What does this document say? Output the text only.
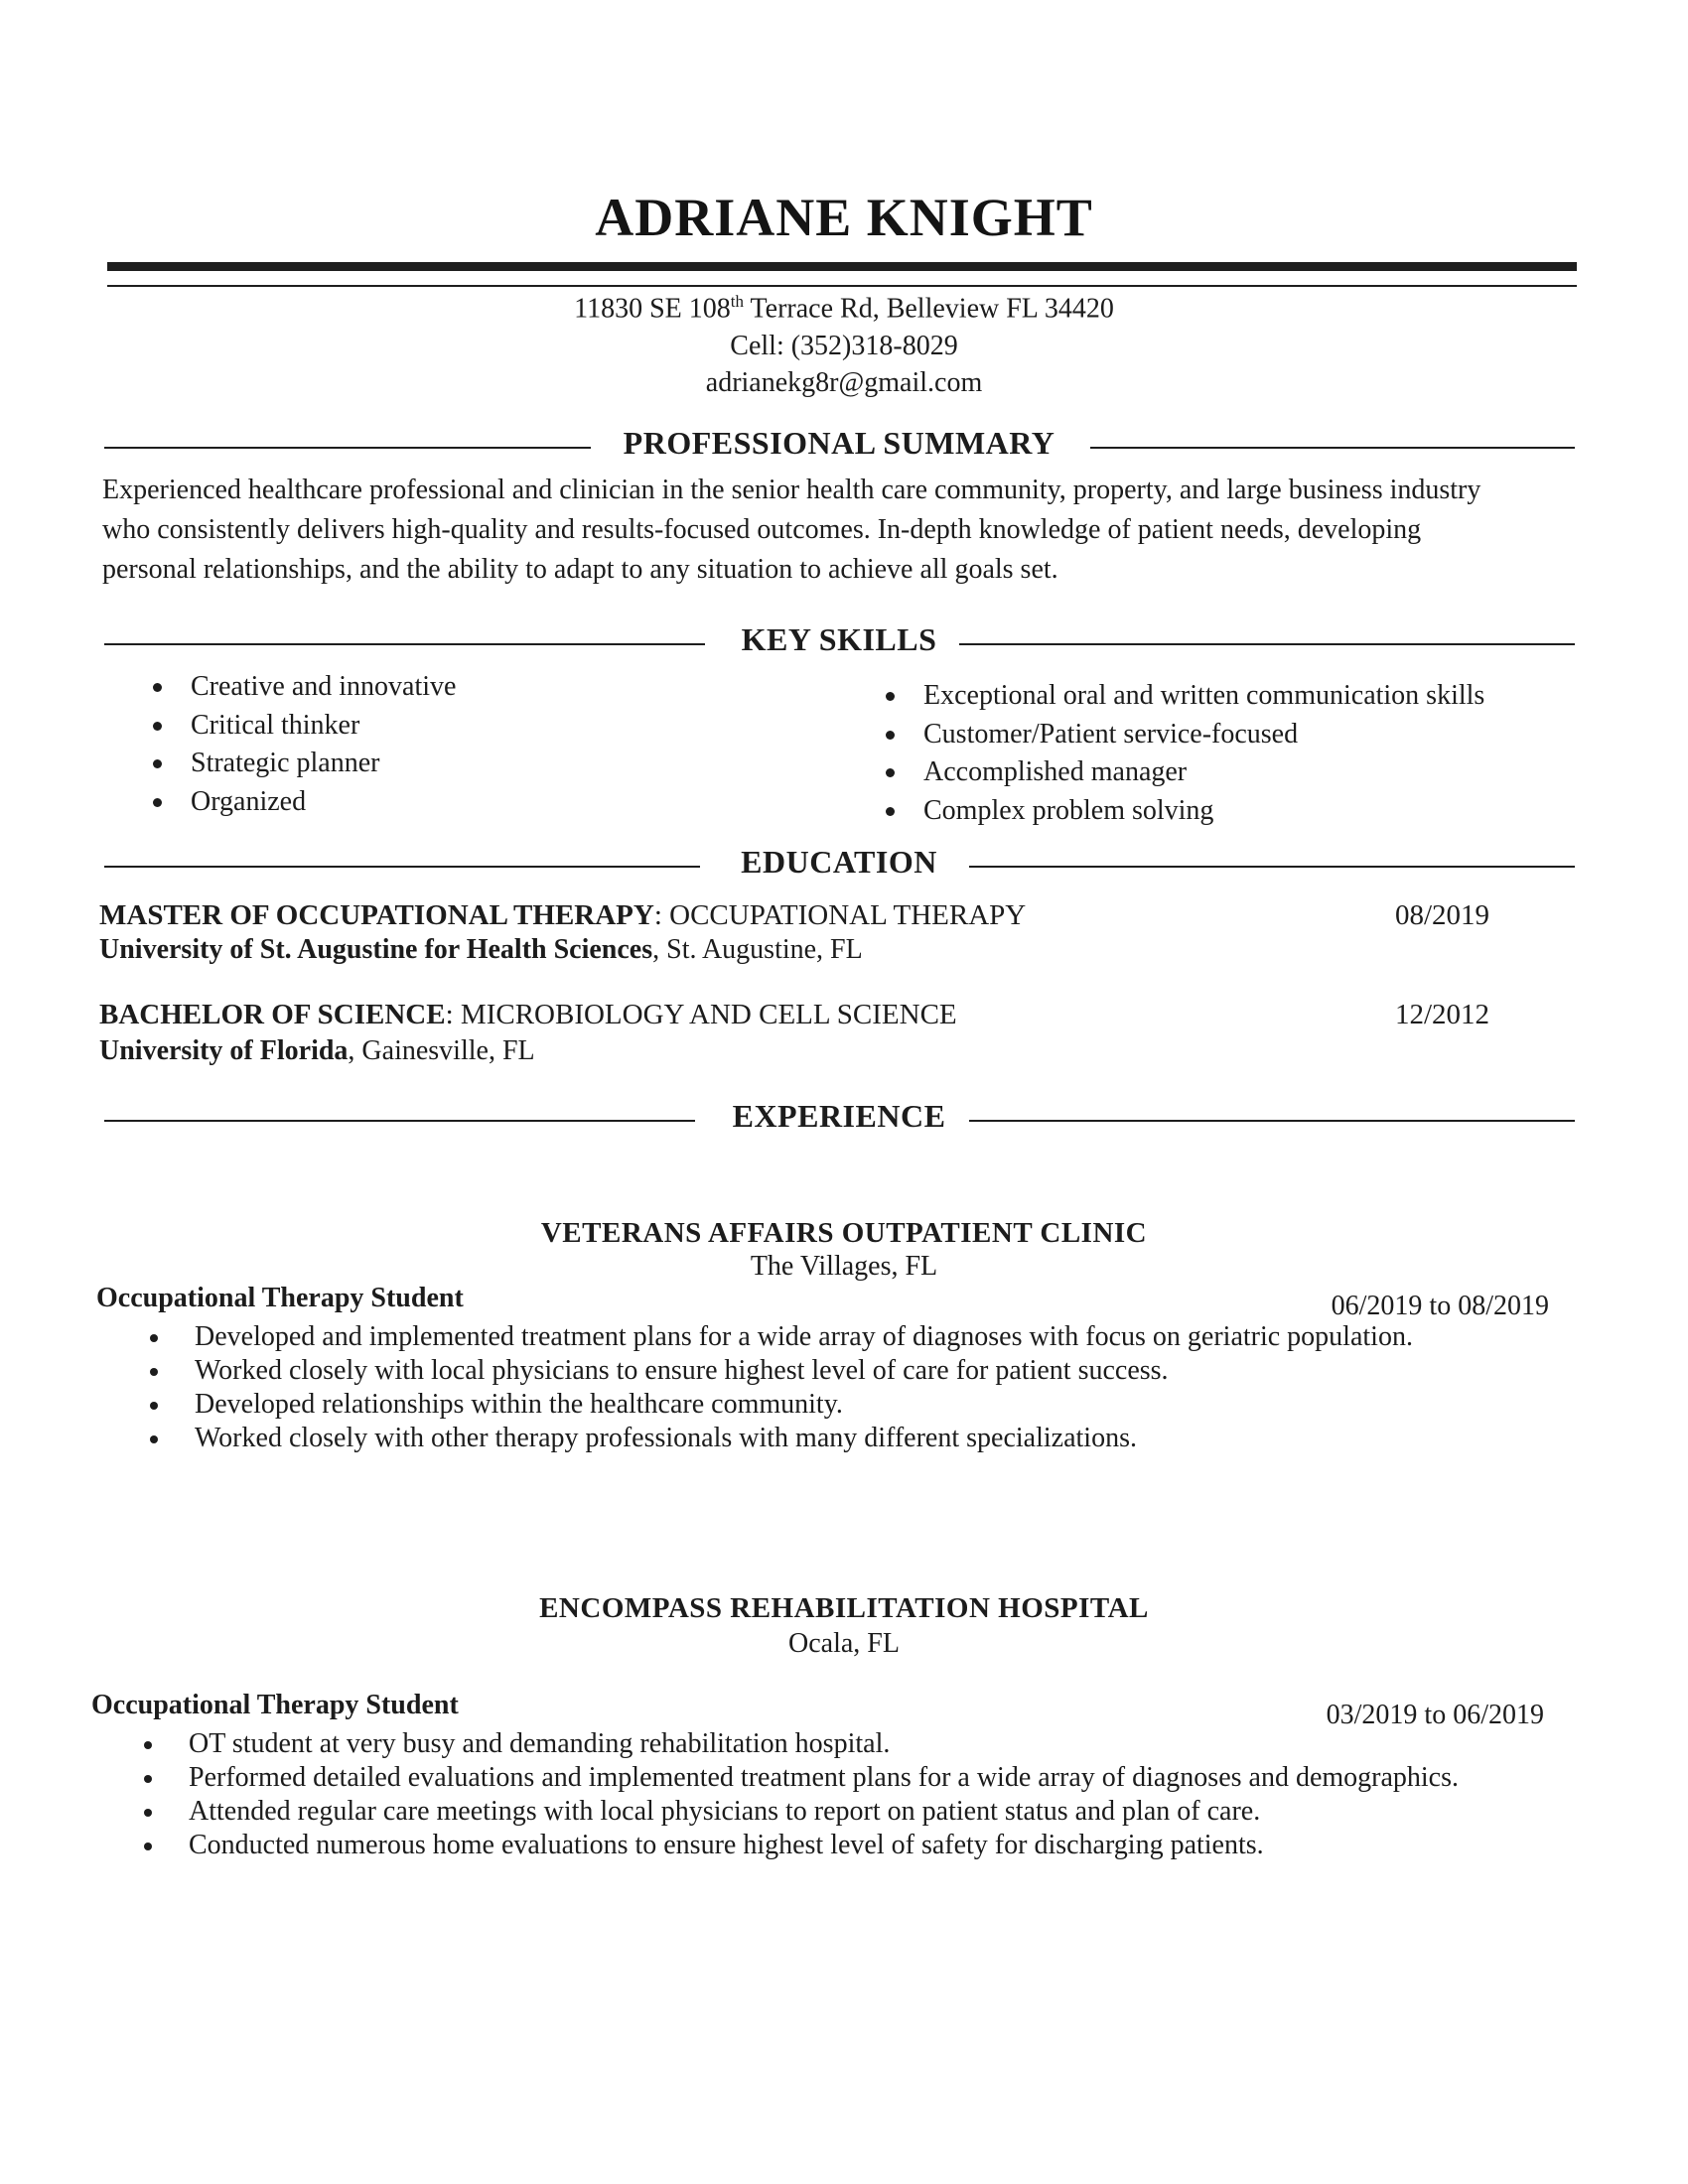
ADRIANE KNIGHT
11830 SE 108th Terrace Rd, Belleview FL 34420
Cell: (352)318-8029
adrianekg8r@gmail.com
PROFESSIONAL SUMMARY

Experienced healthcare professional and clinician in the senior health care community, property, and large business industry

who consistently delivers high-quality and results-focused outcomes. In-depth knowledge of patient needs, developing

personal relationships, and the ability to adapt to any situation to achieve all goals set.

KEY SKILLS
Creative and innovative
Critical thinker
Strategic planner
Organized
Exceptional oral and written communication skills
Customer/Patient service-focused
Accomplished manager
Complex problem solving
EDUCATION
MASTER OF OCCUPATIONAL THERAPY: OCCUPATIONAL THERAPY	08/2019
University of St. Augustine for Health Sciences, St. Augustine, FL
BACHELOR OF SCIENCE: MICROBIOLOGY AND CELL SCIENCE	12/2012
University of Florida, Gainesville, FL
EXPERIENCE
VETERANS AFFAIRS OUTPATIENT CLINIC
The Villages, FL
Occupational Therapy Student	06/2019 to 08/2019
Developed and implemented treatment plans for a wide array of diagnoses with focus on geriatric population.
Worked closely with local physicians to ensure highest level of care for patient success.
Developed relationships within the healthcare community.
Worked closely with other therapy professionals with many different specializations.
ENCOMPASS REHABILITATION HOSPITAL
Ocala, FL
Occupational Therapy Student	03/2019 to 06/2019
OT student at very busy and demanding rehabilitation hospital.
Performed detailed evaluations and implemented treatment plans for a wide array of diagnoses and demographics.
Attended regular care meetings with local physicians to report on patient status and plan of care.
Conducted numerous home evaluations to ensure highest level of safety for discharging patients.
